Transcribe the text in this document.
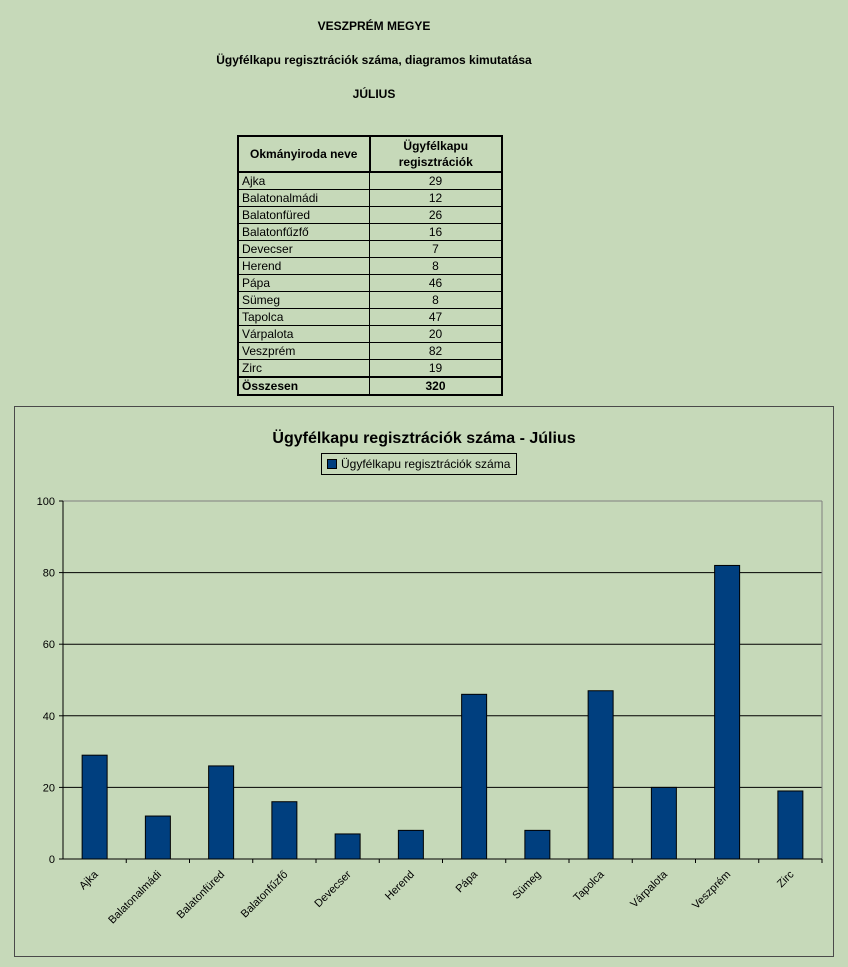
VESZPRÉM MEGYE
Ügyfélkapu regisztrációk száma, diagramos kimutatása
JÚLIUS
Okmányiroda neve	Ügyfélkapu
regisztrációk
Ajka	29
Balatonalmádi	12
Balatonfüred	26
Balatonfűzfő	16
Devecser	7
Herend	8
Pápa	46
Sümeg	8
Tapolca	47
Várpalota	20
Veszprém	82
Zirc	19
Összesen	320
Ügyfélkapu regisztrációk száma - Július
0
20
40
60
80
100
Ajka Balatonalmádi Balatonfüred Balatonfűzfő Devecser	Herend	Pápa	Sümeg	Tapolca Várpalota Veszprém	Zirc
Ügyfélkapu regisztrációk száma
